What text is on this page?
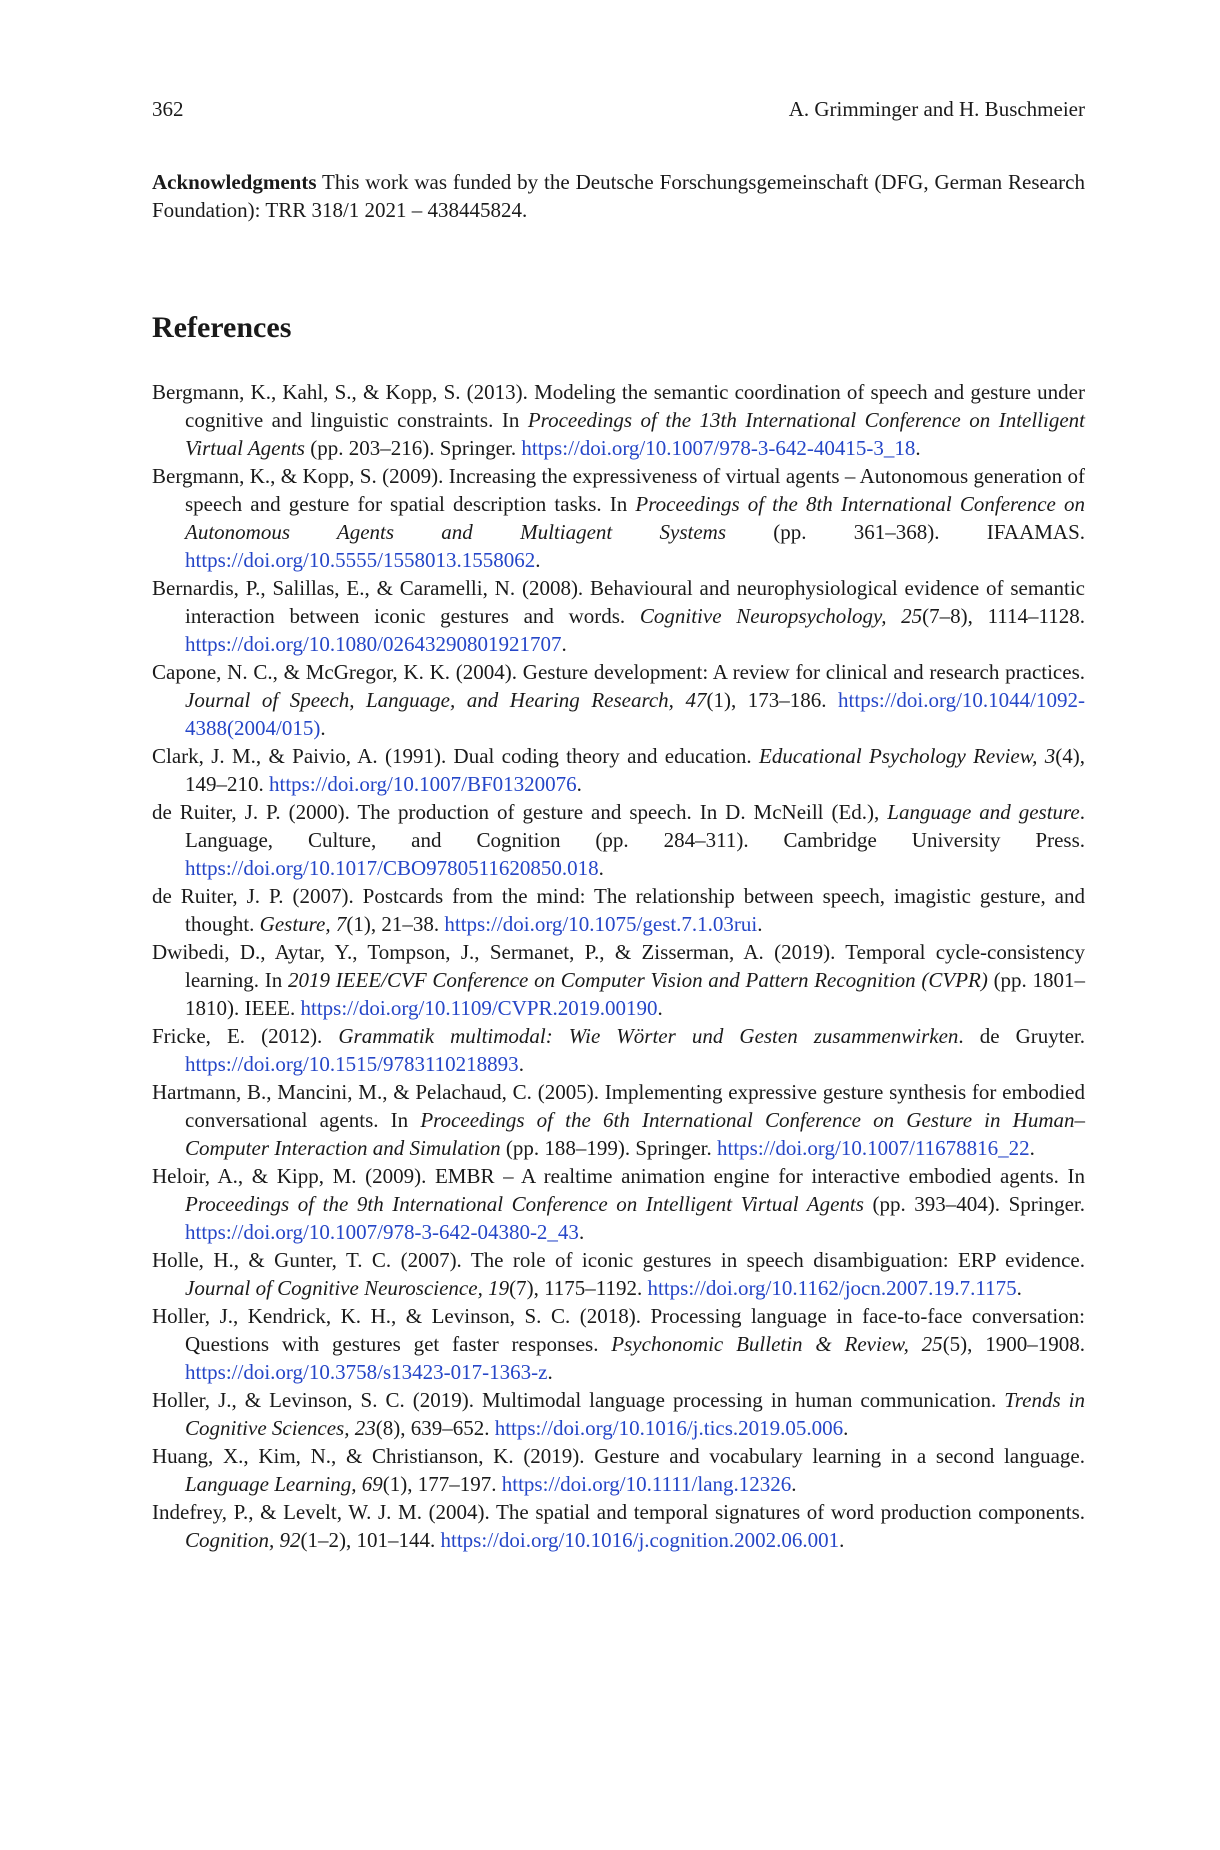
362	A. Grimminger and H. Buschmeier

Acknowledgments This work was funded by the Deutsche Forschungsgemeinschaft (DFG, German Research Foundation): TRR 318/1 2021 – 438445824.

References
Bergmann, K., Kahl, S., & Kopp, S. (2013). Modeling the semantic coordination of speech and gesture under cognitive and linguistic constraints. In Proceedings of the 13th International Conference on Intelligent Virtual Agents (pp. 203–216). Springer. https://doi.org/10.1007/978-3-642-40415-3_18.
Bergmann, K., & Kopp, S. (2009). Increasing the expressiveness of virtual agents – Autonomous generation of speech and gesture for spatial description tasks. In Proceedings of the 8th International Conference on Autonomous Agents and Multiagent Systems (pp. 361–368). IFAAMAS. https://doi.org/10.5555/1558013.1558062.
Bernardis, P., Salillas, E., & Caramelli, N. (2008). Behavioural and neurophysiological evidence of semantic interaction between iconic gestures and words. Cognitive Neuropsychology, 25(7–8), 1114–1128. https://doi.org/10.1080/02643290801921707.
Capone, N. C., & McGregor, K. K. (2004). Gesture development: A review for clinical and research practices. Journal of Speech, Language, and Hearing Research, 47(1), 173–186. https://doi.org/10.1044/1092-4388(2004/015).
Clark, J. M., & Paivio, A. (1991). Dual coding theory and education. Educational Psychology Review, 3(4), 149–210. https://doi.org/10.1007/BF01320076.
de Ruiter, J. P. (2000). The production of gesture and speech. In D. McNeill (Ed.), Language and gesture. Language, Culture, and Cognition (pp. 284–311). Cambridge University Press. https://doi.org/10.1017/CBO9780511620850.018.
de Ruiter, J. P. (2007). Postcards from the mind: The relationship between speech, imagistic gesture, and thought. Gesture, 7(1), 21–38. https://doi.org/10.1075/gest.7.1.03rui.
Dwibedi, D., Aytar, Y., Tompson, J., Sermanet, P., & Zisserman, A. (2019). Temporal cycle-consistency learning. In 2019 IEEE/CVF Conference on Computer Vision and Pattern Recognition (CVPR) (pp. 1801–1810). IEEE. https://doi.org/10.1109/CVPR.2019.00190.
Fricke, E. (2012). Grammatik multimodal: Wie Wörter und Gesten zusammenwirken. de Gruyter. https://doi.org/10.1515/9783110218893.
Hartmann, B., Mancini, M., & Pelachaud, C. (2005). Implementing expressive gesture synthesis for embodied conversational agents. In Proceedings of the 6th International Conference on Gesture in Human–Computer Interaction and Simulation (pp. 188–199). Springer. https://doi.org/10.1007/11678816_22.
Heloir, A., & Kipp, M. (2009). EMBR – A realtime animation engine for interactive embodied agents. In Proceedings of the 9th International Conference on Intelligent Virtual Agents (pp. 393–404). Springer. https://doi.org/10.1007/978-3-642-04380-2_43.
Holle, H., & Gunter, T. C. (2007). The role of iconic gestures in speech disambiguation: ERP evidence. Journal of Cognitive Neuroscience, 19(7), 1175–1192. https://doi.org/10.1162/jocn.2007.19.7.1175.
Holler, J., Kendrick, K. H., & Levinson, S. C. (2018). Processing language in face-to-face conversation: Questions with gestures get faster responses. Psychonomic Bulletin & Review, 25(5), 1900–1908. https://doi.org/10.3758/s13423-017-1363-z.
Holler, J., & Levinson, S. C. (2019). Multimodal language processing in human communication. Trends in Cognitive Sciences, 23(8), 639–652. https://doi.org/10.1016/j.tics.2019.05.006.
Huang, X., Kim, N., & Christianson, K. (2019). Gesture and vocabulary learning in a second language. Language Learning, 69(1), 177–197. https://doi.org/10.1111/lang.12326.
Indefrey, P., & Levelt, W. J. M. (2004). The spatial and temporal signatures of word production components. Cognition, 92(1–2), 101–144. https://doi.org/10.1016/j.cognition.2002.06.001.
